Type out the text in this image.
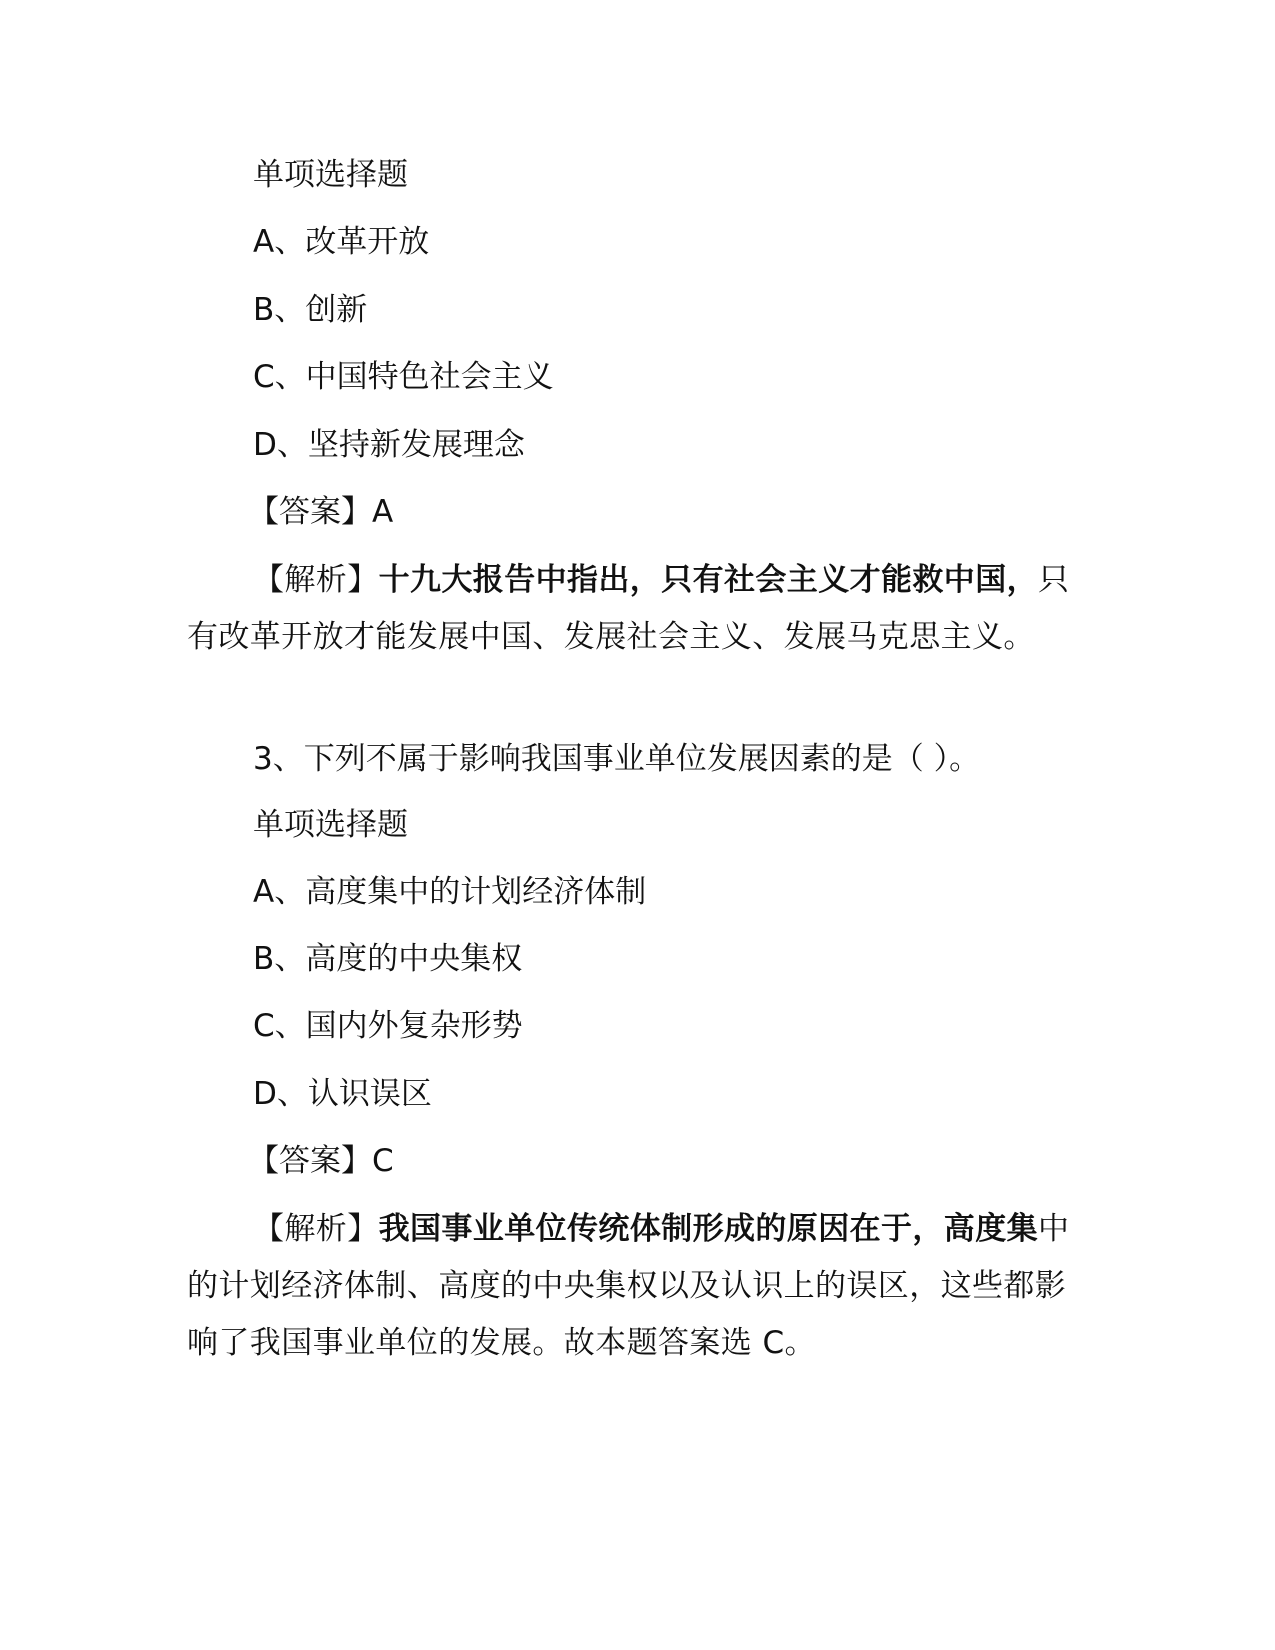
单项选择题
A、改革开放
B、创新
C、中国特色社会主义
D、坚持新发展理念
【答案】A
【解析】十九大报告中指出，只有社会主义才能救中国，只有改革开放才能发展中国、发展社会主义、发展马克思主义。
3、下列不属于影响我国事业单位发展因素的是（ ）。
单项选择题
A、高度集中的计划经济体制
B、高度的中央集权
C、国内外复杂形势
D、认识误区
【答案】C
【解析】我国事业单位传统体制形成的原因在于，高度集中的计划经济体制、高度的中央集权以及认识上的误区，这些都影响了我国事业单位的发展。故本题答案选 C。
